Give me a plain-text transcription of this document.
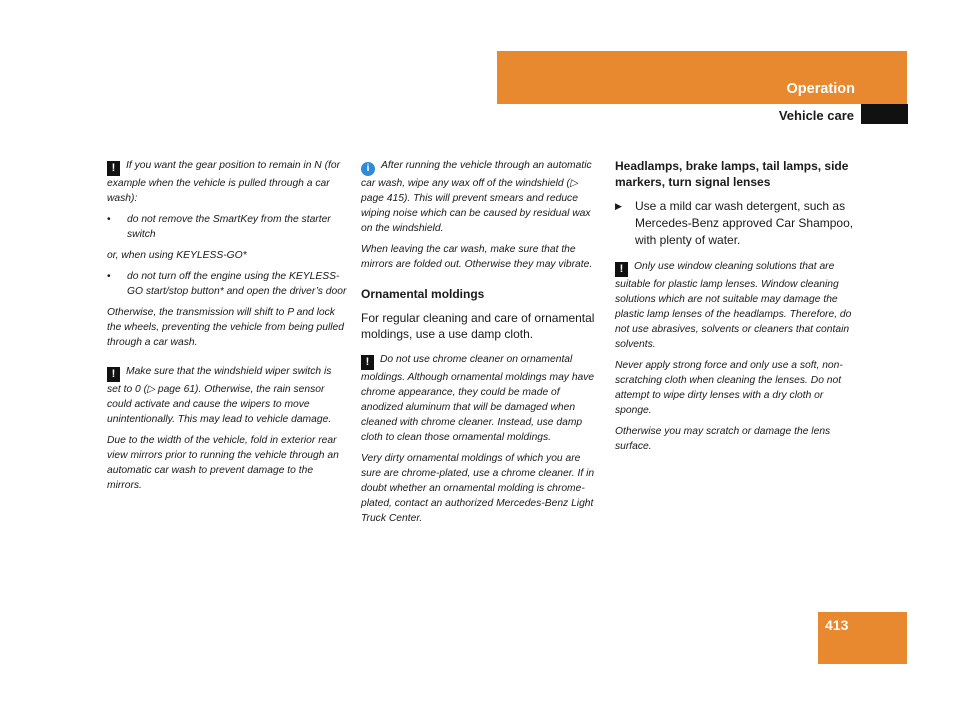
Operation
Vehicle care

! If you want the gear position to remain in N (for example when the vehicle is pulled through a car wash):

•	do not remove the SmartKey from the starter switch

or, when using KEYLESS-GO*

•	do not turn off the engine using the KEYLESS-GO start/stop button* and open the driver’s door

Otherwise, the transmission will shift to P and lock the wheels, preventing the vehicle from being pulled through a car wash.

! Make sure that the windshield wiper switch is set to 0 (▷ page 61). Otherwise, the rain sensor could activate and cause the wipers to move unintentionally. This may lead to vehicle damage.

Due to the width of the vehicle, fold in exterior rear view mirrors prior to running the vehicle through an automatic car wash to prevent damage to the mirrors.

i After running the vehicle through an automatic car wash, wipe any wax off of the windshield (▷ page 415). This will prevent smears and reduce wiping noise which can be caused by residual wax on the windshield.

When leaving the car wash, make sure that the mirrors are folded out. Otherwise they may vibrate.

Ornamental moldings

For regular cleaning and care of ornamental moldings, use a use damp cloth.

! Do not use chrome cleaner on ornamental moldings. Although ornamental moldings may have chrome appearance, they could be made of anodized aluminum that will be damaged when cleaned with chrome cleaner. Instead, use damp cloth to clean those ornamental moldings.

Very dirty ornamental moldings of which you are sure are chrome-plated, use a chrome cleaner. If in doubt whether an ornamental molding is chrome-plated, contact an authorized Mercedes-Benz Light Truck Center.

Headlamps, brake lamps, tail lamps, side markers, turn signal lenses
▶	Use a mild car wash detergent, such as Mercedes-Benz approved Car Shampoo, with plenty of water.

! Only use window cleaning solutions that are suitable for plastic lamp lenses. Window cleaning solutions which are not suitable may damage the plastic lamp lenses of the headlamps. Therefore, do not use abrasives, solvents or cleaners that contain solvents.

Never apply strong force and only use a soft, non-scratching cloth when cleaning the lenses. Do not attempt to wipe dirty lenses with a dry cloth or sponge.

Otherwise you may scratch or damage the lens surface.

413
